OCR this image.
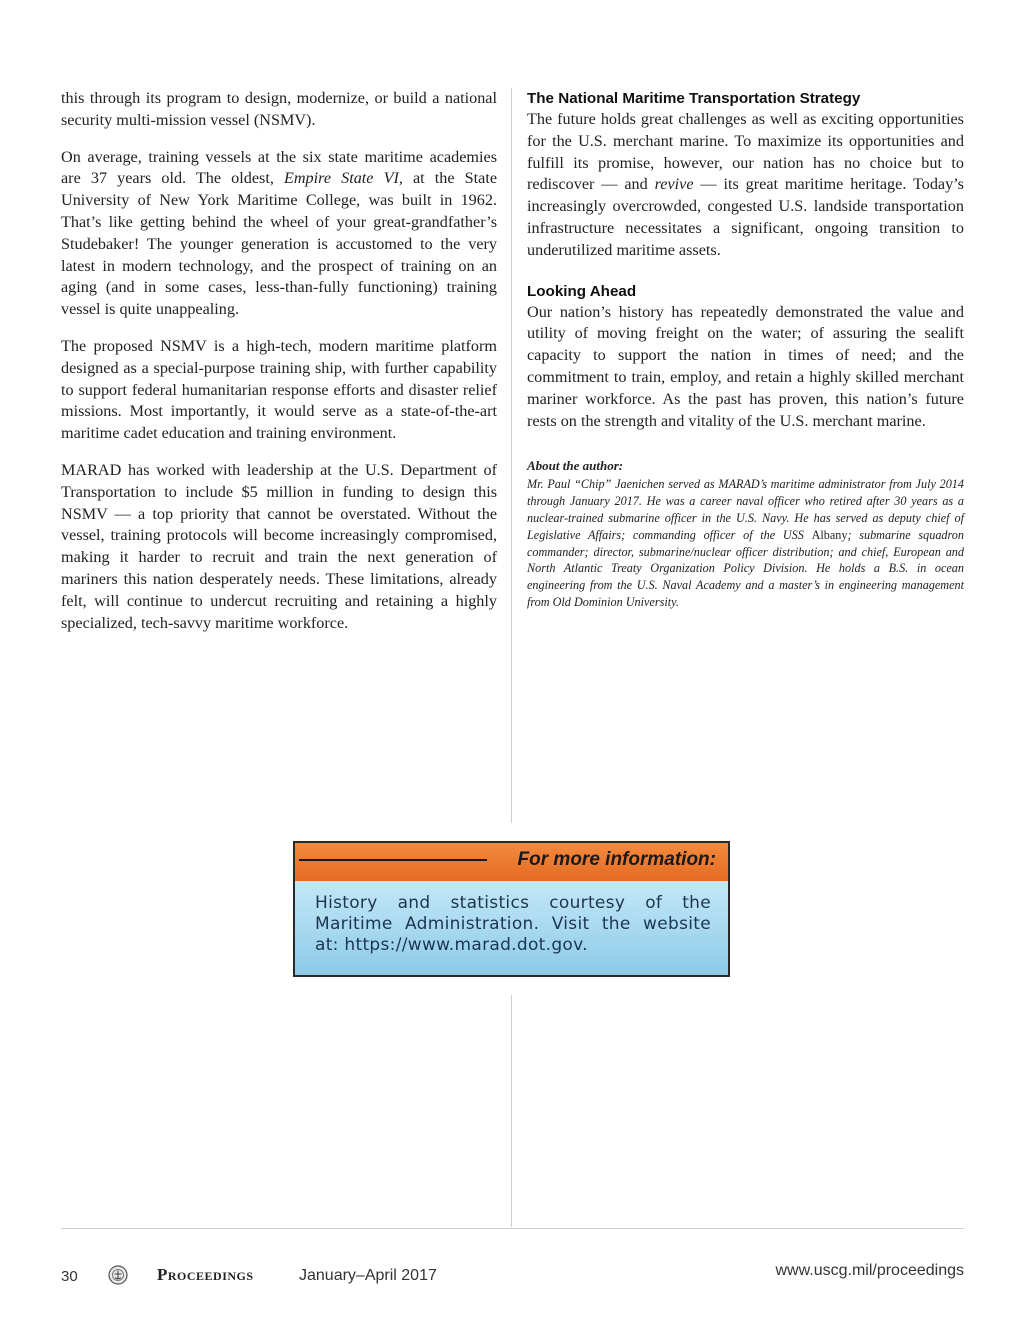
this through its program to design, modernize, or build a national security multi-mission vessel (NSMV).

On average, training vessels at the six state maritime academies are 37 years old. The oldest, Empire State VI, at the State University of New York Maritime College, was built in 1962. That’s like getting behind the wheel of your great-grandfather’s Studebaker! The younger generation is accustomed to the very latest in modern technology, and the prospect of training on an aging (and in some cases, less-than-fully functioning) training vessel is quite unappealing.

The proposed NSMV is a high-tech, modern maritime platform designed as a special-purpose training ship, with further capability to support federal humanitarian response efforts and disaster relief missions. Most importantly, it would serve as a state-of-the-art maritime cadet education and training environment.

MARAD has worked with leadership at the U.S. Department of Transportation to include $5 million in funding to design this NSMV — a top priority that cannot be overstated. Without the vessel, training protocols will become increasingly compromised, making it harder to recruit and train the next generation of mariners this nation desperately needs. These limitations, already felt, will continue to undercut recruiting and retaining a highly specialized, tech-savvy maritime workforce.

The National Maritime Transportation Strategy

The future holds great challenges as well as exciting opportunities for the U.S. merchant marine. To maximize its opportunities and fulfill its promise, however, our nation has no choice but to rediscover — and revive — its great maritime heritage. Today’s increasingly overcrowded, congested U.S. landside transportation infrastructure necessitates a significant, ongoing transition to underutilized maritime assets.

Looking Ahead

Our nation’s history has repeatedly demonstrated the value and utility of moving freight on the water; of assuring the sealift capacity to support the nation in times of need; and the commitment to train, employ, and retain a highly skilled merchant mariner workforce. As the past has proven, this nation’s future rests on the strength and vitality of the U.S. merchant marine.

About the author:

Mr. Paul “Chip” Jaenichen served as MARAD’s maritime administrator from July 2014 through January 2017. He was a career naval officer who retired after 30 years as a nuclear-trained submarine officer in the U.S. Navy. He has served as deputy chief of Legislative Affairs; commanding officer of the USS Albany; submarine squadron commander; director, submarine/nuclear officer distribution; and chief, European and North Atlantic Treaty Organization Policy Division. He holds a B.S. in ocean engineering from the U.S. Naval Academy and a master’s in engineering management from Old Dominion University.

For more information:

History and statistics courtesy of the Maritime Administration. Visit the website at: https://www.marad.dot.gov.

30	Proceedings	January–April 2017	www.uscg.mil/proceedings
